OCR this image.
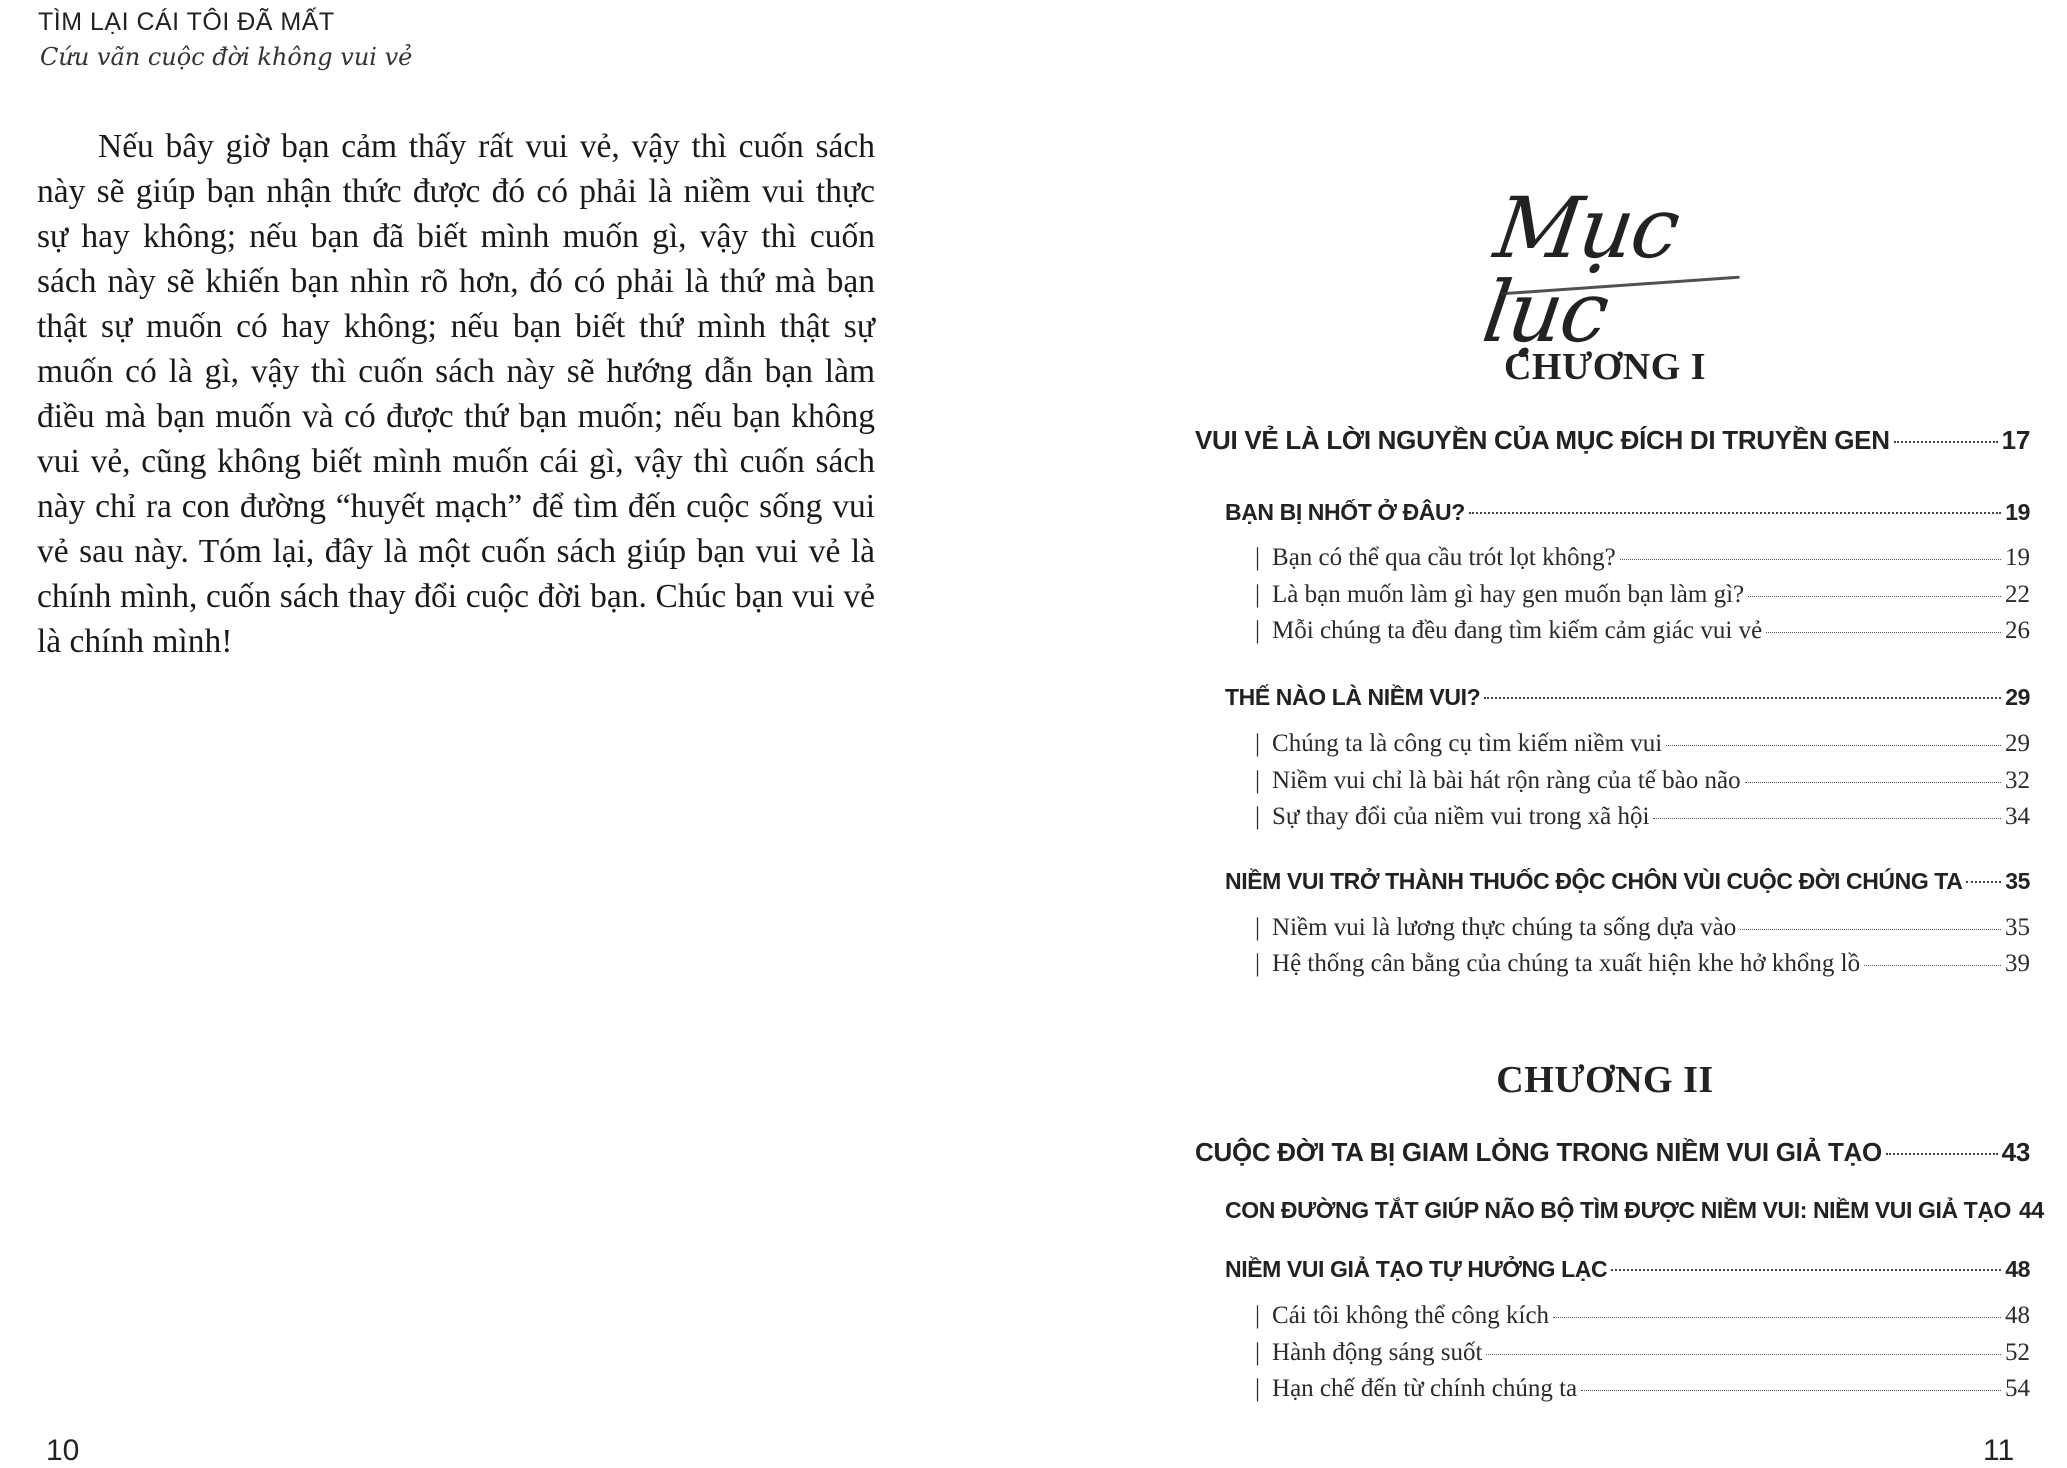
TÌM LẠI CÁI TÔI ĐÃ MẤT
Cứu vãn cuộc đời không vui vẻ

Nếu bây giờ bạn cảm thấy rất vui vẻ, vậy thì cuốn sách này sẽ giúp bạn nhận thức được đó có phải là niềm vui thực sự hay không; nếu bạn đã biết mình muốn gì, vậy thì cuốn sách này sẽ khiến bạn nhìn rõ hơn, đó có phải là thứ mà bạn thật sự muốn có hay không; nếu bạn biết thứ mình thật sự muốn có là gì, vậy thì cuốn sách này sẽ hướng dẫn bạn làm điều mà bạn muốn và có được thứ bạn muốn; nếu bạn không vui vẻ, cũng không biết mình muốn cái gì, vậy thì cuốn sách này chỉ ra con đường “huyết mạch” để tìm đến cuộc sống vui vẻ sau này. Tóm lại, đây là một cuốn sách giúp bạn vui vẻ là chính mình, cuốn sách thay đổi cuộc đời bạn. Chúc bạn vui vẻ là chính mình!

10
Mục lục
CHƯƠNG I
VUI VẺ LÀ LỜI NGUYỀN CỦA MỤC ĐÍCH DI TRUYỀN GEN	17
BẠN BỊ NHỐT Ở ĐÂU?	19
| Bạn có thể qua cầu trót lọt không?	19
| Là bạn muốn làm gì hay gen muốn bạn làm gì?	22
| Mỗi chúng ta đều đang tìm kiếm cảm giác vui vẻ	26
THẾ NÀO LÀ NIỀM VUI?	29
| Chúng ta là công cụ tìm kiếm niềm vui	29
| Niềm vui chỉ là bài hát rộn ràng của tế bào não	32
| Sự thay đổi của niềm vui trong xã hội	34
NIỀM VUI TRỞ THÀNH THUỐC ĐỘC CHÔN VÙI CUỘC ĐỜI CHÚNG TA 35
| Niềm vui là lương thực chúng ta sống dựa vào	35
| Hệ thống cân bằng của chúng ta xuất hiện khe hở khổng lồ	39
CHƯƠNG II
CUỘC ĐỜI TA BỊ GIAM LỎNG TRONG NIỀM VUI GIẢ TẠO	43
CON ĐƯỜNG TẮT GIÚP NÃO BỘ TÌM ĐƯỢC NIỀM VUI: NIỀM VUI GIẢ TẠO 44
NIỀM VUI GIẢ TẠO TỰ HƯỞNG LẠC	48
| Cái tôi không thể công kích	48
| Hành động sáng suốt	52
| Hạn chế đến từ chính chúng ta	54
11
